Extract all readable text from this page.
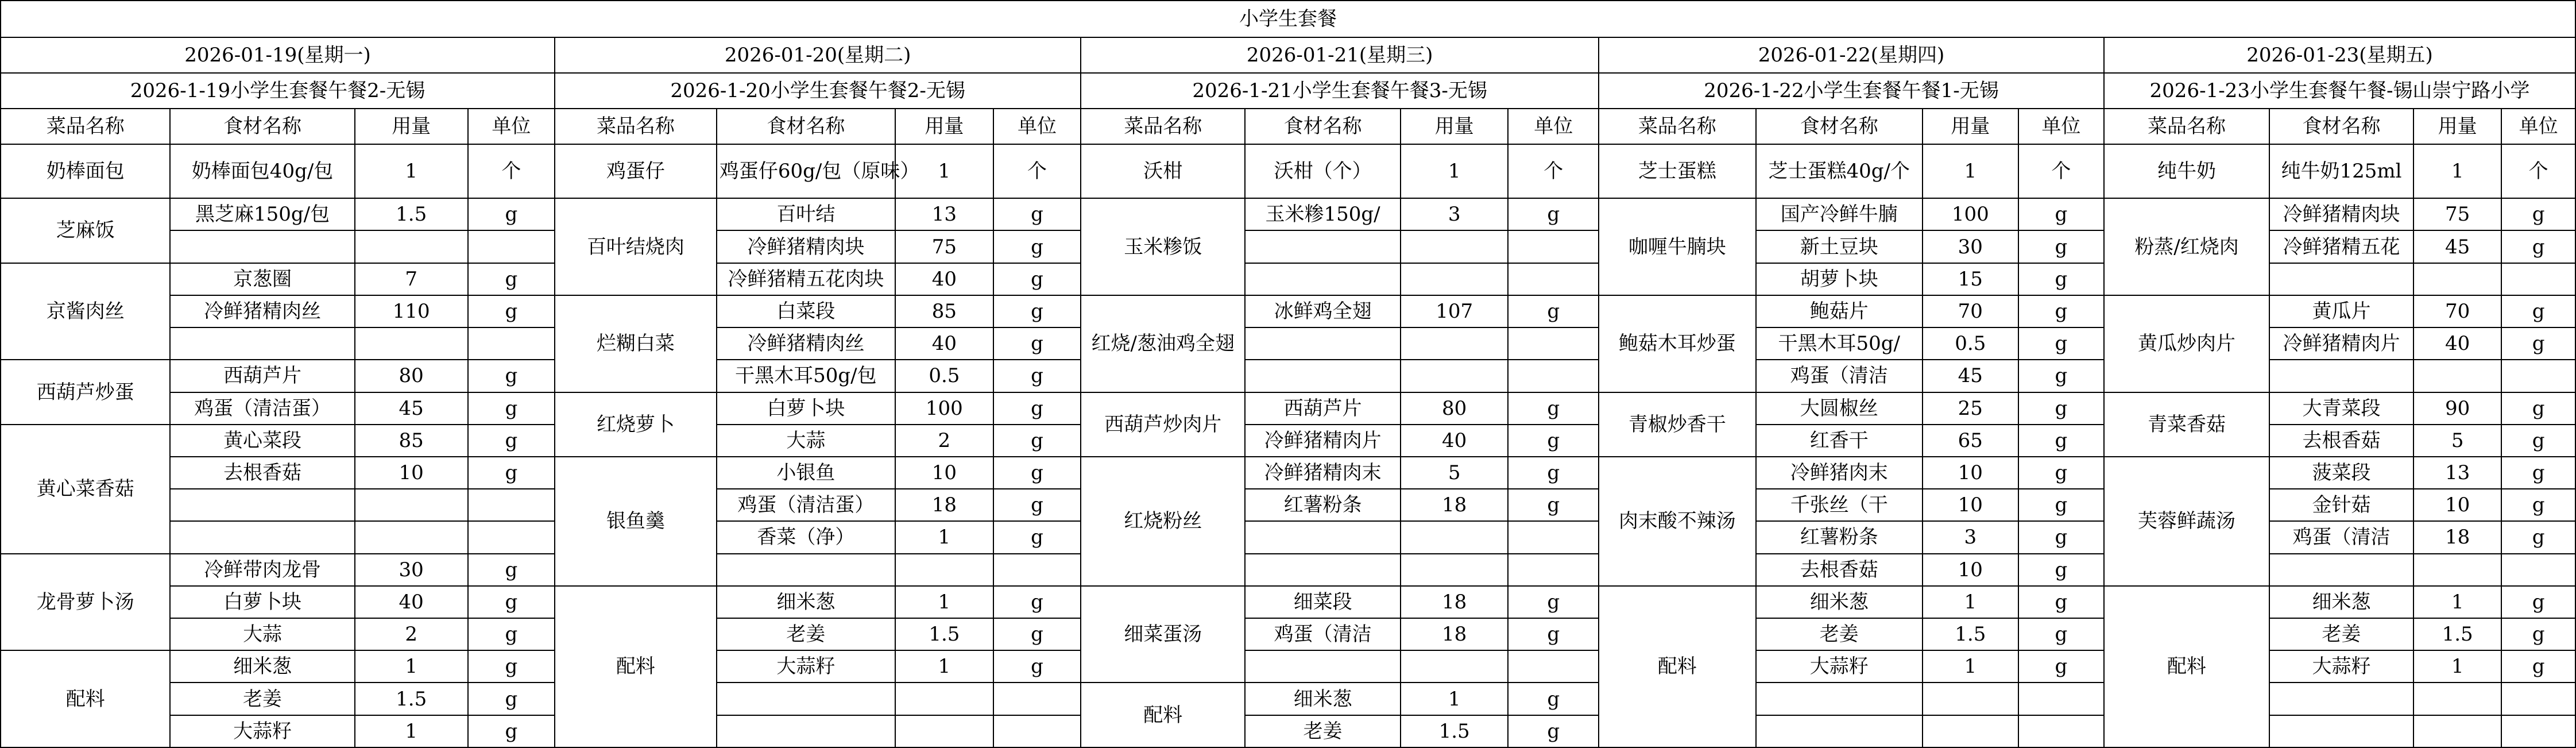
小学生套餐																			
2026-01-19(星期一)				2026-01-20(星期二)				2026-01-21(星期三)				2026-01-22(星期四)				2026-01-23(星期五)			
2026-1-19小学生套餐午餐2-无锡				2026-1-20小学生套餐午餐2-无锡				2026-1-21小学生套餐午餐3-无锡				2026-1-22小学生套餐午餐1-无锡				2026-1-23小学生套餐午餐-锡山崇宁路小学			
菜品名称	食材名称	用量	单位	菜品名称	食材名称	用量	单位	菜品名称	食材名称	用量	单位	菜品名称	食材名称	用量	单位	菜品名称	食材名称	用量	单位
奶棒面包	奶棒面包40g/包	1	个	鸡蛋仔	鸡蛋仔60g/包（原味）	1	个	沃柑	沃柑（个）	1	个	芝士蛋糕	芝士蛋糕40g/个	1	个	纯牛奶	纯牛奶125ml	1	个
芝麻饭	黑芝麻150g/包	1.5	g	百叶结烧肉	百叶结	13	g	玉米糁饭	玉米糁150g/	3	g	咖喱牛腩块	国产冷鲜牛腩	100	g	粉蒸/红烧肉	冷鲜猪精肉块	75	g
					冷鲜猪精肉块	75	g						新土豆块	30	g		冷鲜猪精五花	45	g
京酱肉丝	京葱圈	7	g		冷鲜猪精五花肉块	40	g						胡萝卜块	15	g				
	冷鲜猪精肉丝	110	g	烂糊白菜	白菜段	85	g	红烧/葱油鸡全翅	冰鲜鸡全翅	107	g	鲍菇木耳炒蛋	鲍菇片	70	g	黄瓜炒肉片	黄瓜片	70	g
					冷鲜猪精肉丝	40	g						干黑木耳50g/	0.5	g		冷鲜猪精肉片	40	g
西葫芦炒蛋	西葫芦片	80	g		干黑木耳50g/包	0.5	g						鸡蛋（清洁	45	g				
	鸡蛋（清洁蛋）	45	g	红烧萝卜	白萝卜块	100	g	西葫芦炒肉片	西葫芦片	80	g	青椒炒香干	大圆椒丝	25	g	青菜香菇	大青菜段	90	g
黄心菜香菇	黄心菜段	85	g		大蒜	2	g		冷鲜猪精肉片	40	g		红香干	65	g		去根香菇	5	g
	去根香菇	10	g	银鱼羹	小银鱼	10	g	红烧粉丝	冷鲜猪精肉末	5	g	肉末酸不辣汤	冷鲜猪肉末	10	g	芙蓉鲜蔬汤	菠菜段	13	g
					鸡蛋（清洁蛋）	18	g		红薯粉条	18	g		千张丝（干	10	g		金针菇	10	g
					香菜（净）	1	g						红薯粉条	3	g		鸡蛋（清洁	18	g
龙骨萝卜汤	冷鲜带肉龙骨	30	g										去根香菇	10	g				
	白萝卜块	40	g	配料	细米葱	1	g	细菜蛋汤	细菜段	18	g	配料	细米葱	1	g	配料	细米葱	1	g
	大蒜	2	g		老姜	1.5	g		鸡蛋（清洁	18	g		老姜	1.5	g		老姜	1.5	g
配料	细米葱	1	g		大蒜籽	1	g						大蒜籽	1	g		大蒜籽	1	g
	老姜	1.5	g					配料	细米葱	1	g								
	大蒜籽	1	g						老姜	1.5	g								
